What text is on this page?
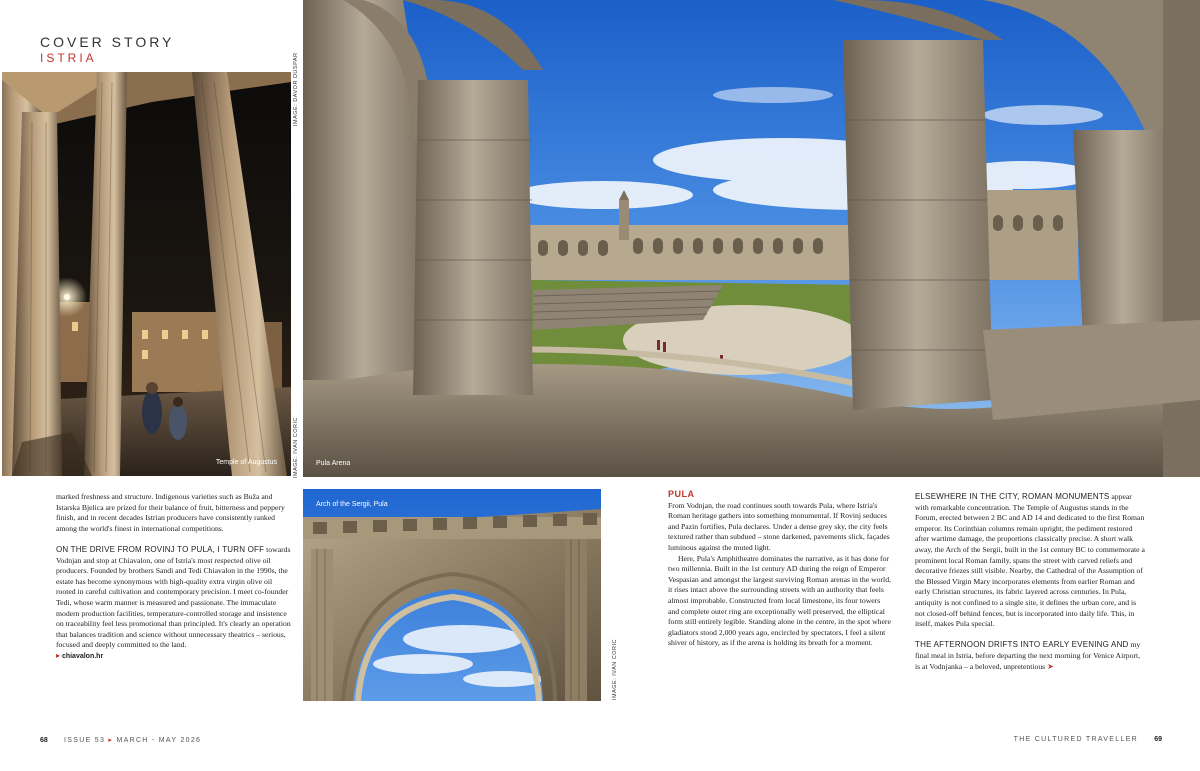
COVER STORY
ISTRIA
Temple of Augustus
IMAGE: DAVOR DUSPAR
Pula Arena
IMAGE: IVAN CORIC

marked freshness and structure. Indigenous varieties such as Buža and Istarska Bjelica are prized for their balance of fruit, bitterness and peppery finish, and in recent decades Istrian producers have consistently ranked among the world's finest in international competitions.

ON THE DRIVE FROM ROVINJ TO PULA, I TURN OFF towards Vodnjan and stop at Chiavalon, one of Istria's most respected olive oil producers. Founded by brothers Sandi and Tedi Chiavalon in the 1990s, the estate has become synonymous with high-quality extra virgin olive oil rooted in careful cultivation and contemporary precision. I meet co-founder Tedi, whose warm manner is measured and passionate. The immaculate modern production facilities, temperature-controlled storage and insistence on traceability feel less promotional than principled. It's clearly an operation that balances tradition and science without unnecessary theatrics – serious, focused and deeply committed to the land.
▸ chiavalon.hr

Arch of the Sergii, Pula
IMAGE: IVAN CORIC
PULA

From Vodnjan, the road continues south towards Pula, where Istria's Roman heritage gathers into something monumental. If Rovinj seduces and Pazin fortifies, Pula declares. Under a dense grey sky, the city feels textured rather than subdued – stone darkened, pavements slick, façades luminous against the muted light.

Here, Pula's Amphitheatre dominates the narrative, as it has done for two millennia. Built in the 1st century AD during the reign of Emperor Vespasian and amongst the largest surviving Roman arenas in the world, it rises intact above the surrounding streets with an authority that feels almost improbable. Constructed from local limestone, its four towers and complete outer ring are exceptionally well preserved, the elliptical form still entirely legible. Standing alone in the centre, in the spot where gladiators stood 2,000 years ago, encircled by spectators, I feel a silent shiver of history, as if the arena is holding its breath for a moment.

ELSEWHERE IN THE CITY, ROMAN MONUMENTS appear with remarkable concentration. The Temple of Augustus stands in the Forum, erected between 2 BC and AD 14 and dedicated to the first Roman emperor. Its Corinthian columns remain upright, the pediment restored after wartime damage, the proportions classically precise. A short walk away, the Arch of the Sergii, built in the 1st century BC to commemorate a prominent local Roman family, spans the street with carved reliefs and decorative friezes still visible. Nearby, the Cathedral of the Assumption of the Blessed Virgin Mary incorporates elements from earlier Roman and early Christian structures, its fabric layered across centuries. In Pula, antiquity is not confined to a single site, it defines the urban core, and is not closed-off behind fences, but is incorporated into daily life. This, in itself, makes Pula special.

THE AFTERNOON DRIFTS INTO EARLY EVENING AND my final meal in Istria, before departing the next morning for Venice Airport, is at Vodnjanka – a beloved, unpretentious ➤

68 ISSUE 53 ▸ MARCH - MAY 2026	THE CULTURED TRAVELLER 69
